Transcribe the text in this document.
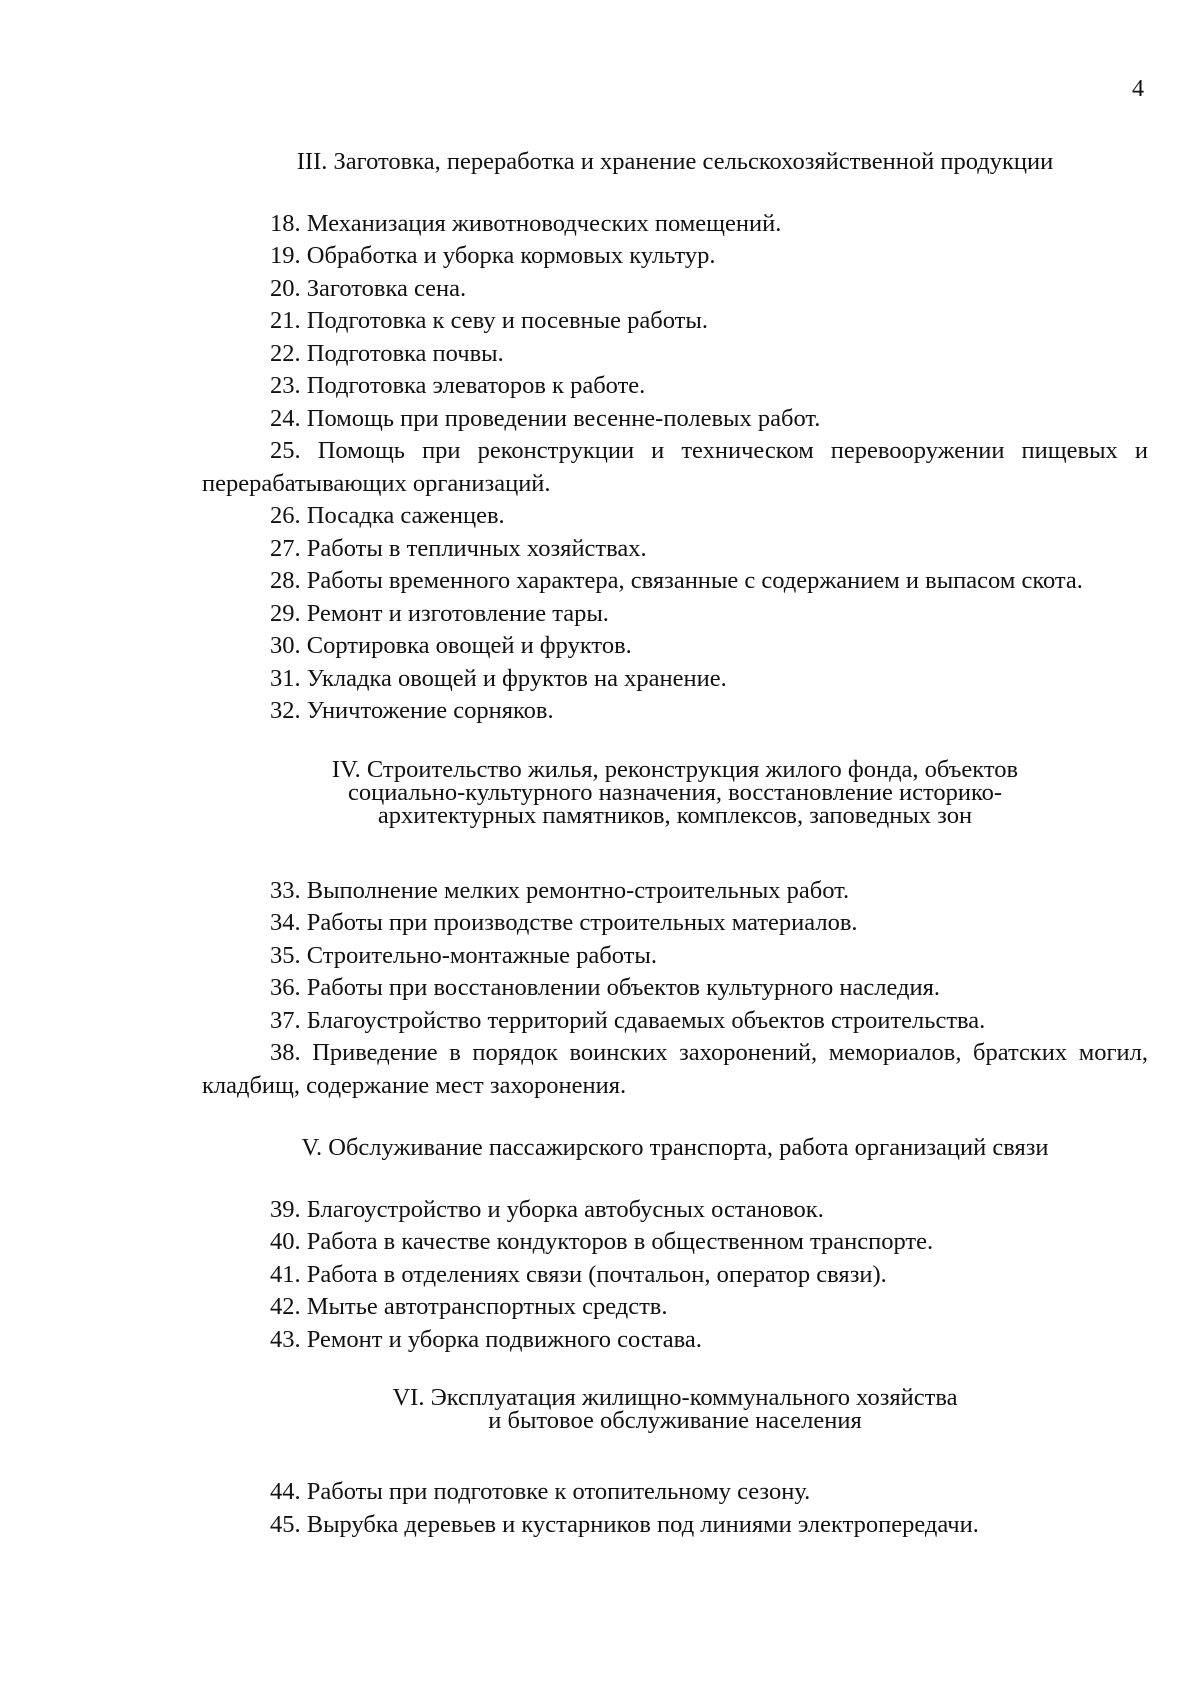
4
III. Заготовка, переработка и хранение сельскохозяйственной продукции

18. Механизация животноводческих помещений.

19. Обработка и уборка кормовых культур.

20. Заготовка сена.

21. Подготовка к севу и посевные работы.

22. Подготовка почвы.

23. Подготовка элеваторов к работе.

24. Помощь при проведении весенне-полевых работ.

25. Помощь при реконструкции и техническом перевооружении пищевых и перерабатывающих организаций.

26. Посадка саженцев.

27. Работы в тепличных хозяйствах.

28. Работы временного характера, связанные с содержанием и выпасом скота.

29. Ремонт и изготовление тары.

30. Сортировка овощей и фруктов.

31. Укладка овощей и фруктов на хранение.

32. Уничтожение сорняков.

IV. Строительство жилья, реконструкция жилого фонда, объектов
социально-культурного назначения, восстановление историко-
архитектурных памятников, комплексов, заповедных зон

33. Выполнение мелких ремонтно-строительных работ.

34. Работы при производстве строительных материалов.

35. Строительно-монтажные работы.

36. Работы при восстановлении объектов культурного наследия.

37. Благоустройство территорий сдаваемых объектов строительства.

38. Приведение в порядок воинских захоронений, мемориалов, братских могил, кладбищ, содержание мест захоронения.

V. Обслуживание пассажирского транспорта, работа организаций связи

39. Благоустройство и уборка автобусных остановок.

40. Работа в качестве кондукторов в общественном транспорте.

41. Работа в отделениях связи (почтальон, оператор связи).

42. Мытье автотранспортных средств.

43. Ремонт и уборка подвижного состава.

VI. Эксплуатация жилищно-коммунального хозяйства
и бытовое обслуживание населения

44. Работы при подготовке к отопительному сезону.

45. Вырубка деревьев и кустарников под линиями электропередачи.
